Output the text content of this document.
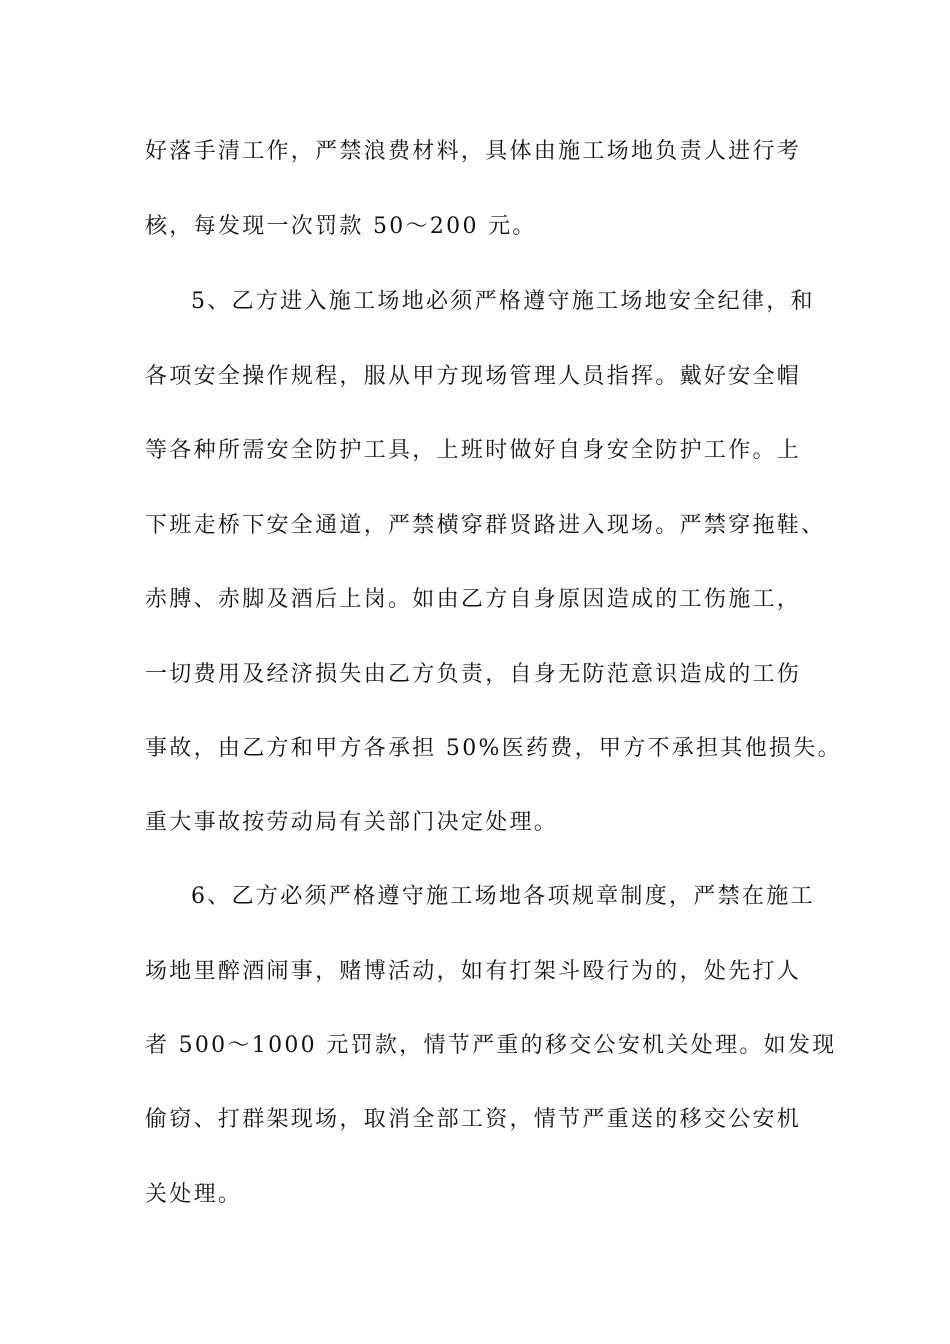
好落手清工作，严禁浪费材料，具体由施工场地负责人进行考
核，每发现一次罚款 50～200 元。
5、乙方进入施工场地必须严格遵守施工场地安全纪律，和
各项安全操作规程，服从甲方现场管理人员指挥。戴好安全帽
等各种所需安全防护工具，上班时做好自身安全防护工作。上
下班走桥下安全通道，严禁横穿群贤路进入现场。严禁穿拖鞋、
赤膊、赤脚及酒后上岗。如由乙方自身原因造成的工伤施工，
一切费用及经济损失由乙方负责，自身无防范意识造成的工伤
事故，由乙方和甲方各承担 50%医药费，甲方不承担其他损失。
重大事故按劳动局有关部门决定处理。
6、乙方必须严格遵守施工场地各项规章制度，严禁在施工
场地里醉酒闹事，赌博活动，如有打架斗殴行为的，处先打人
者 500～1000 元罚款，情节严重的移交公安机关处理。如发现
偷窃、打群架现场，取消全部工资，情节严重送的移交公安机
关处理。
